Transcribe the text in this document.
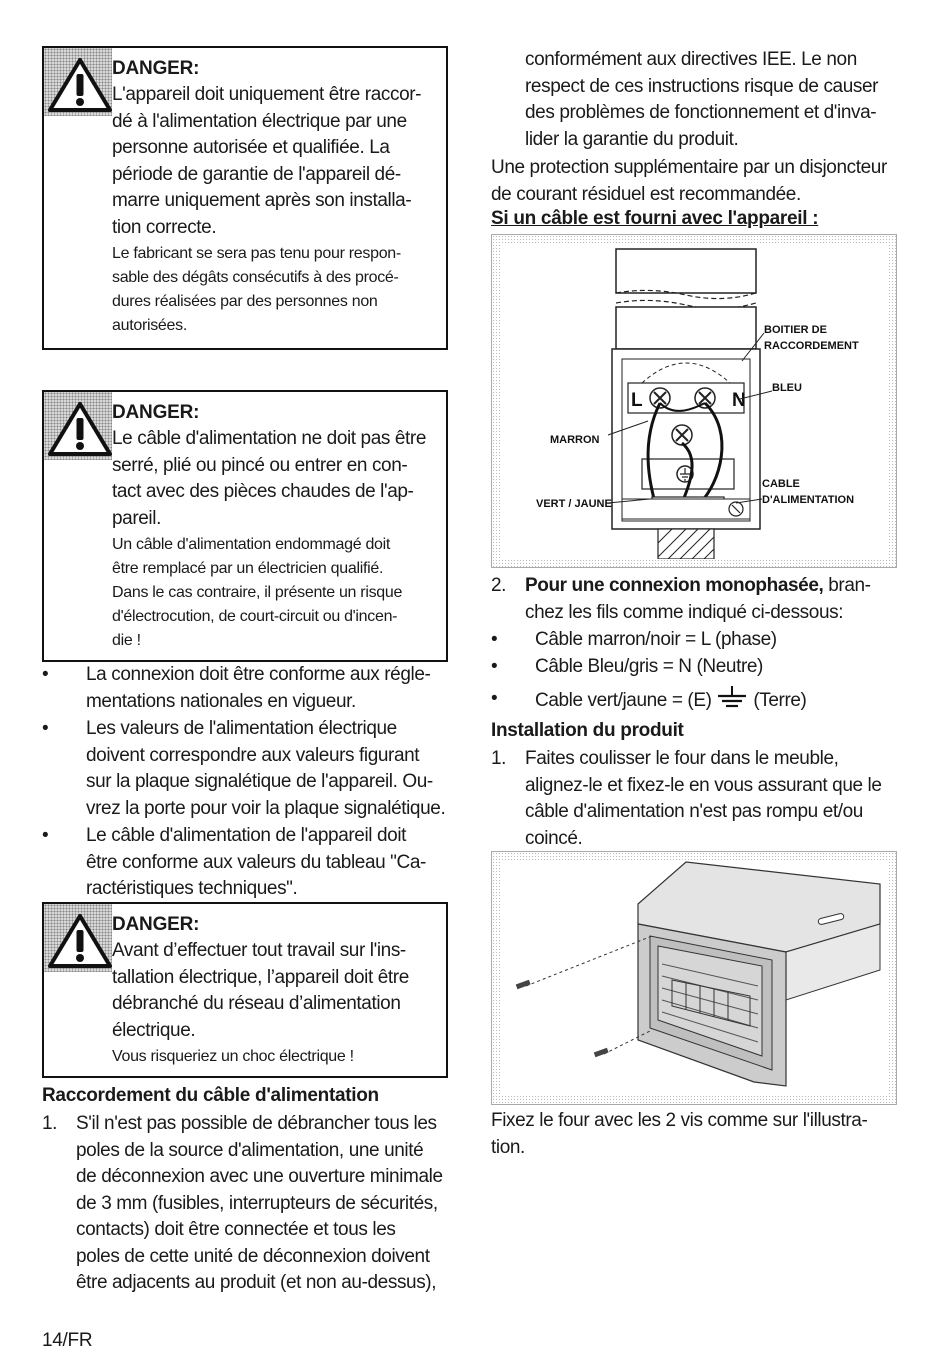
DANGER:
L'appareil doit uniquement être raccor-
dé à l'alimentation électrique par une
personne autorisée et qualifiée. La
période de garantie de l'appareil dé-
marre uniquement après son installa-
tion correcte.
Le fabricant se sera pas tenu pour respon-
sable des dégâts consécutifs à des procé-
dures réalisées par des personnes non
autorisées.
DANGER:
Le câble d'alimentation ne doit pas être
serré, plié ou pincé ou entrer en con-
tact avec des pièces chaudes de l'ap-
pareil.
Un câble d'alimentation endommagé doit
être remplacé par un électricien qualifié.
Dans le cas contraire, il présente un risque
d'électrocution, de court-circuit ou d'incen-
die !
• La connexion doit être conforme aux régle-
mentations nationales en vigueur.
• Les valeurs de l'alimentation électrique
doivent correspondre aux valeurs figurant
sur la plaque signalétique de l'appareil. Ou-
vrez la porte pour voir la plaque signalétique.
• Le câble d'alimentation de l'appareil doit
être conforme aux valeurs du tableau "Ca-
ractéristiques techniques".
DANGER:
Avant d’effectuer tout travail sur l'ins-
tallation électrique, l’appareil doit être
débranché du réseau d’alimentation
électrique.
Vous risqueriez un choc électrique !
Raccordement du câble d'alimentation
1. S'il n'est pas possible de débrancher tous les
poles de la source d'alimentation, une unité
de déconnexion avec une ouverture minimale
de 3 mm (fusibles, interrupteurs de sécurités,
contacts) doit être connectée et tous les
poles de cette unité de déconnexion doivent
être adjacents au produit (et non au-dessus),
conformément aux directives IEE. Le non
respect de ces instructions risque de causer
des problèmes de fonctionnement et d'inva-
lider la garantie du produit.
Une protection supplémentaire par un disjoncteur
de courant résiduel est recommandée.
Si un câble est fourni avec l'appareil :
L	N
BOITIER DE
RACCORDEMENT
BLEU
MARRON
CABLE
D'ALIMENTATION
VERT / JAUNE
2. Pour une connexion monophasée, bran-
chez les fils comme indiqué ci-dessous:
• Câble marron/noir = L (phase)
• Câble Bleu/gris = N (Neutre)
• Cable vert/jaune = (E) (Terre)
Installation du produit
1. Faites coulisser le four dans le meuble,
alignez-le et fixez-le en vous assurant que le
câble d'alimentation n'est pas rompu et/ou
coincé.
Fixez le four avec les 2 vis comme sur l'illustra-
tion.
14/FR
